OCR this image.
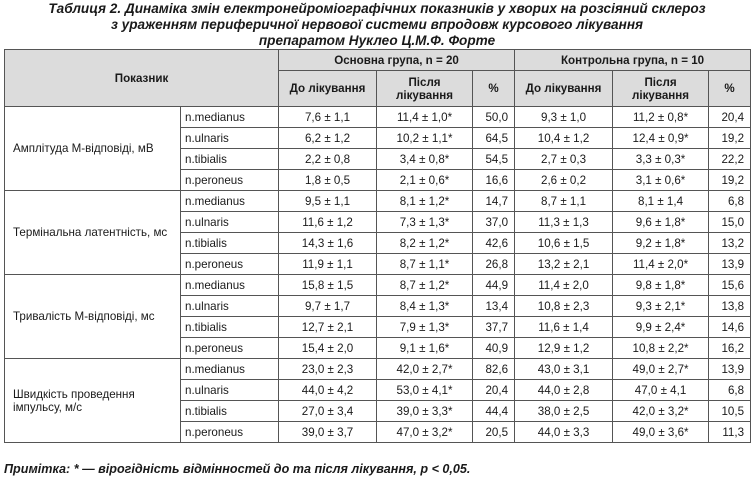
Таблиця 2. Динаміка змін електронейроміографічних показників у хворих на розсіяний склероз
з ураженням периферичної нервової системи впродовж курсового лікування
препаратом Нуклео Ц.М.Ф. Форте
Показник		Основна група, n = 20			Контрольна група, n = 10		
		До лікування	Після лікування	%	До лікування	Після лікування	%
Амплітуда М-відповіді, мВ	n.medianus	7,6 ± 1,1	11,4 ± 1,0*	50,0	9,3 ± 1,0	11,2 ± 0,8*	20,4
	n.ulnaris	6,2 ± 1,2	10,2 ± 1,1*	64,5	10,4 ± 1,2	12,4 ± 0,9*	19,2
	n.tibialis	2,2 ± 0,8	3,4 ± 0,8*	54,5	2,7 ± 0,3	3,3 ± 0,3*	22,2
	n.peroneus	1,8 ± 0,5	2,1 ± 0,6*	16,6	2,6 ± 0,2	3,1 ± 0,6*	19,2
Термінальна латентність, мс	n.medianus	9,5 ± 1,1	8,1 ± 1,2*	14,7	8,7 ± 1,1	8,1 ± 1,4	6,8
	n.ulnaris	11,6 ± 1,2	7,3 ± 1,3*	37,0	11,3 ± 1,3	9,6 ± 1,8*	15,0
	n.tibialis	14,3 ± 1,6	8,2 ± 1,2*	42,6	10,6 ± 1,5	9,2 ± 1,8*	13,2
	n.peroneus	11,9 ± 1,1	8,7 ± 1,1*	26,8	13,2 ± 2,1	11,4 ± 2,0*	13,9
Тривалість М-відповіді, мс	n.medianus	15,8 ± 1,5	8,7 ± 1,2*	44,9	11,4 ± 2,0	9,8 ± 1,8*	15,6
	n.ulnaris	9,7 ± 1,7	8,4 ± 1,3*	13,4	10,8 ± 2,3	9,3 ± 2,1*	13,8
	n.tibialis	12,7 ± 2,1	7,9 ± 1,3*	37,7	11,6 ± 1,4	9,9 ± 2,4*	14,6
	n.peroneus	15,4 ± 2,0	9,1 ± 1,6*	40,9	12,9 ± 1,2	10,8 ± 2,2*	16,2
Швидкість проведення імпульсу, м/с	n.medianus	23,0 ± 2,3	42,0 ± 2,7*	82,6	43,0 ± 3,1	49,0 ± 2,7*	13,9
	n.ulnaris	44,0 ± 4,2	53,0 ± 4,1*	20,4	44,0 ± 2,8	47,0 ± 4,1	6,8
	n.tibialis	27,0 ± 3,4	39,0 ± 3,3*	44,4	38,0 ± 2,5	42,0 ± 3,2*	10,5
	n.peroneus	39,0 ± 3,7	47,0 ± 3,2*	20,5	44,0 ± 3,3	49,0 ± 3,6*	11,3
Примітка: * — вірогідність відмінностей до та після лікування, р < 0,05.
